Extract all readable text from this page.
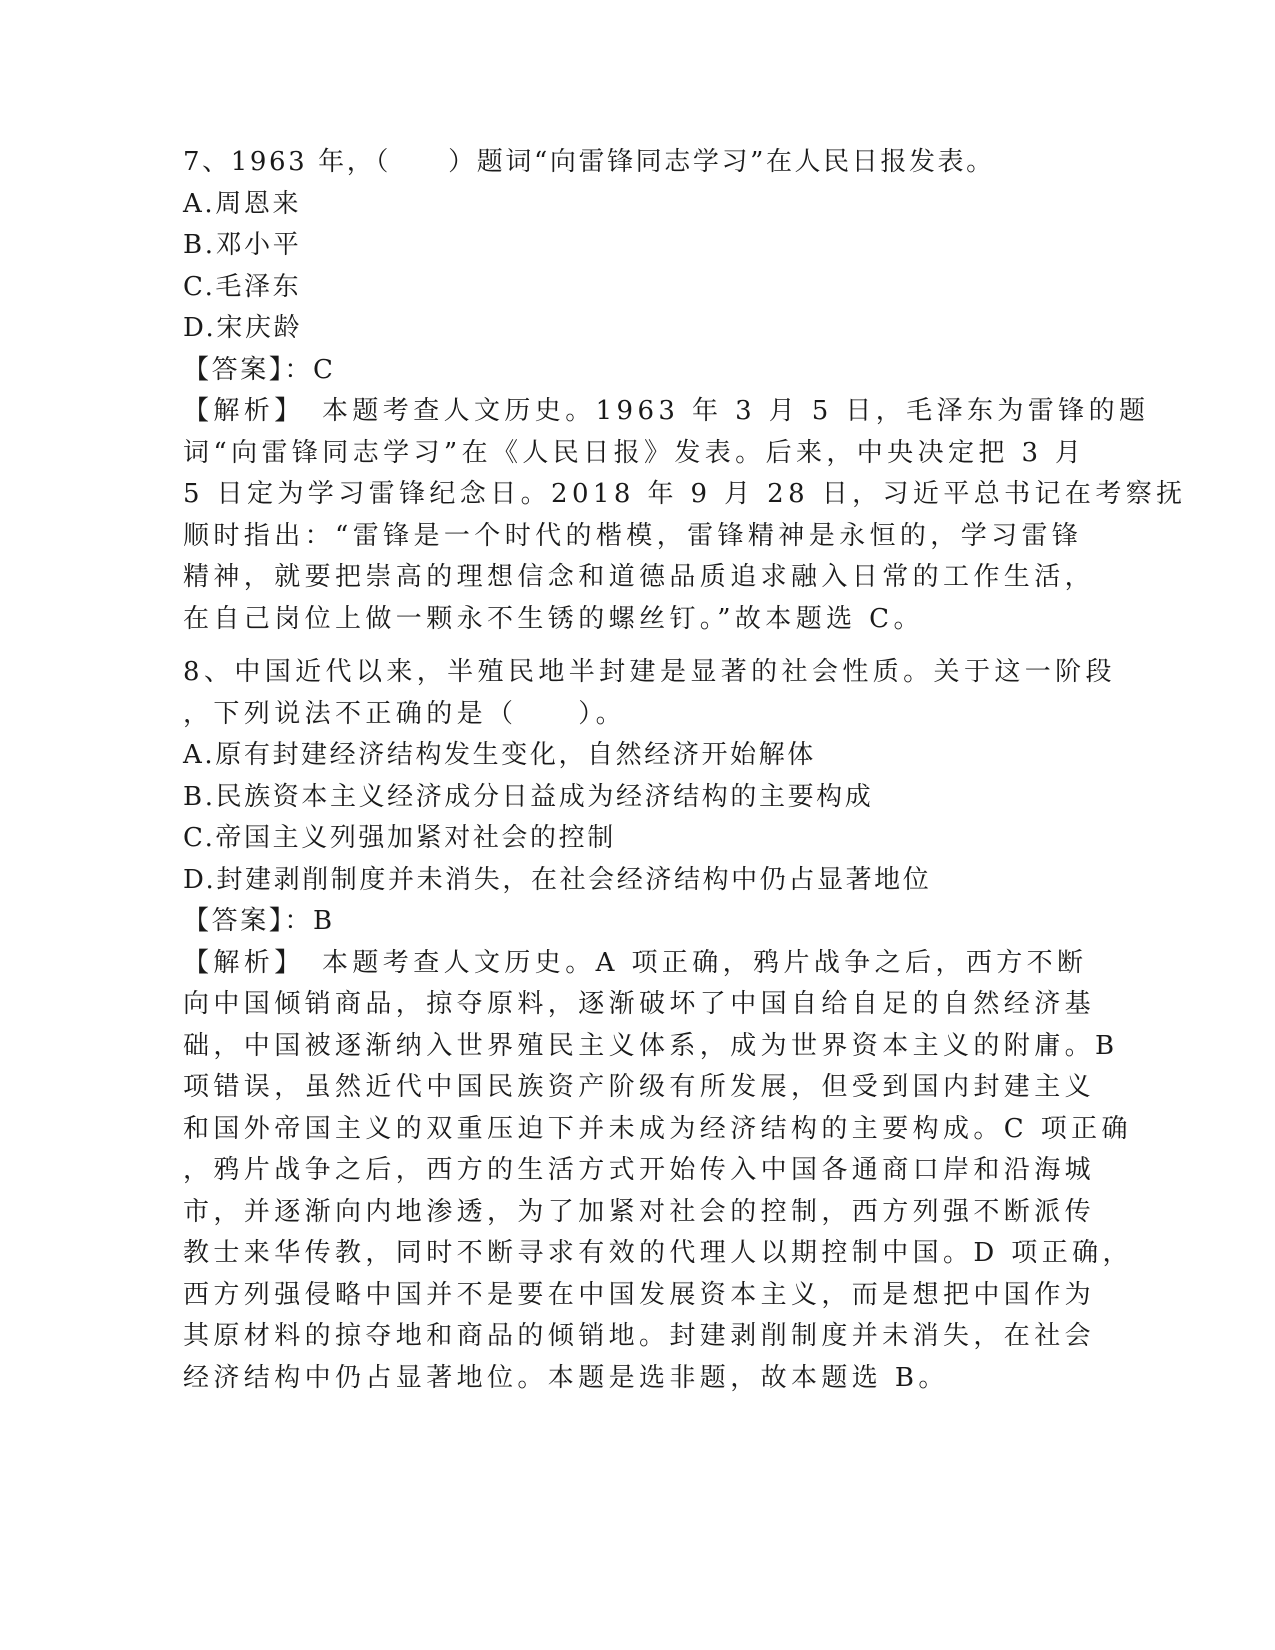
7、1963 年，（　　）题词“向雷锋同志学习”在人民日报发表。
A.周恩来
B.邓小平
C.毛泽东
D.宋庆龄
【答案】：C
【解析】　本题考查人文历史。1963 年 3 月 5 日，毛泽东为雷锋的题
词“向雷锋同志学习”在《人民日报》发表。后来，中央决定把 3 月
5 日定为学习雷锋纪念日。2018 年 9 月 28 日，习近平总书记在考察抚
顺时指出：“雷锋是一个时代的楷模，雷锋精神是永恒的，学习雷锋
精神，就要把崇高的理想信念和道德品质追求融入日常的工作生活，
在自己岗位上做一颗永不生锈的螺丝钉。”故本题选 C。
8、中国近代以来，半殖民地半封建是显著的社会性质。关于这一阶段
，下列说法不正确的是（　　）。
A.原有封建经济结构发生变化，自然经济开始解体
B.民族资本主义经济成分日益成为经济结构的主要构成
C.帝国主义列强加紧对社会的控制
D.封建剥削制度并未消失，在社会经济结构中仍占显著地位
【答案】：B
【解析】　本题考查人文历史。A 项正确，鸦片战争之后，西方不断
向中国倾销商品，掠夺原料，逐渐破坏了中国自给自足的自然经济基
础，中国被逐渐纳入世界殖民主义体系，成为世界资本主义的附庸。B
项错误，虽然近代中国民族资产阶级有所发展，但受到国内封建主义
和国外帝国主义的双重压迫下并未成为经济结构的主要构成。C 项正确
，鸦片战争之后，西方的生活方式开始传入中国各通商口岸和沿海城
市，并逐渐向内地渗透，为了加紧对社会的控制，西方列强不断派传
教士来华传教，同时不断寻求有效的代理人以期控制中国。D 项正确，
西方列强侵略中国并不是要在中国发展资本主义，而是想把中国作为
其原材料的掠夺地和商品的倾销地。封建剥削制度并未消失，在社会
经济结构中仍占显著地位。本题是选非题，故本题选 B。
